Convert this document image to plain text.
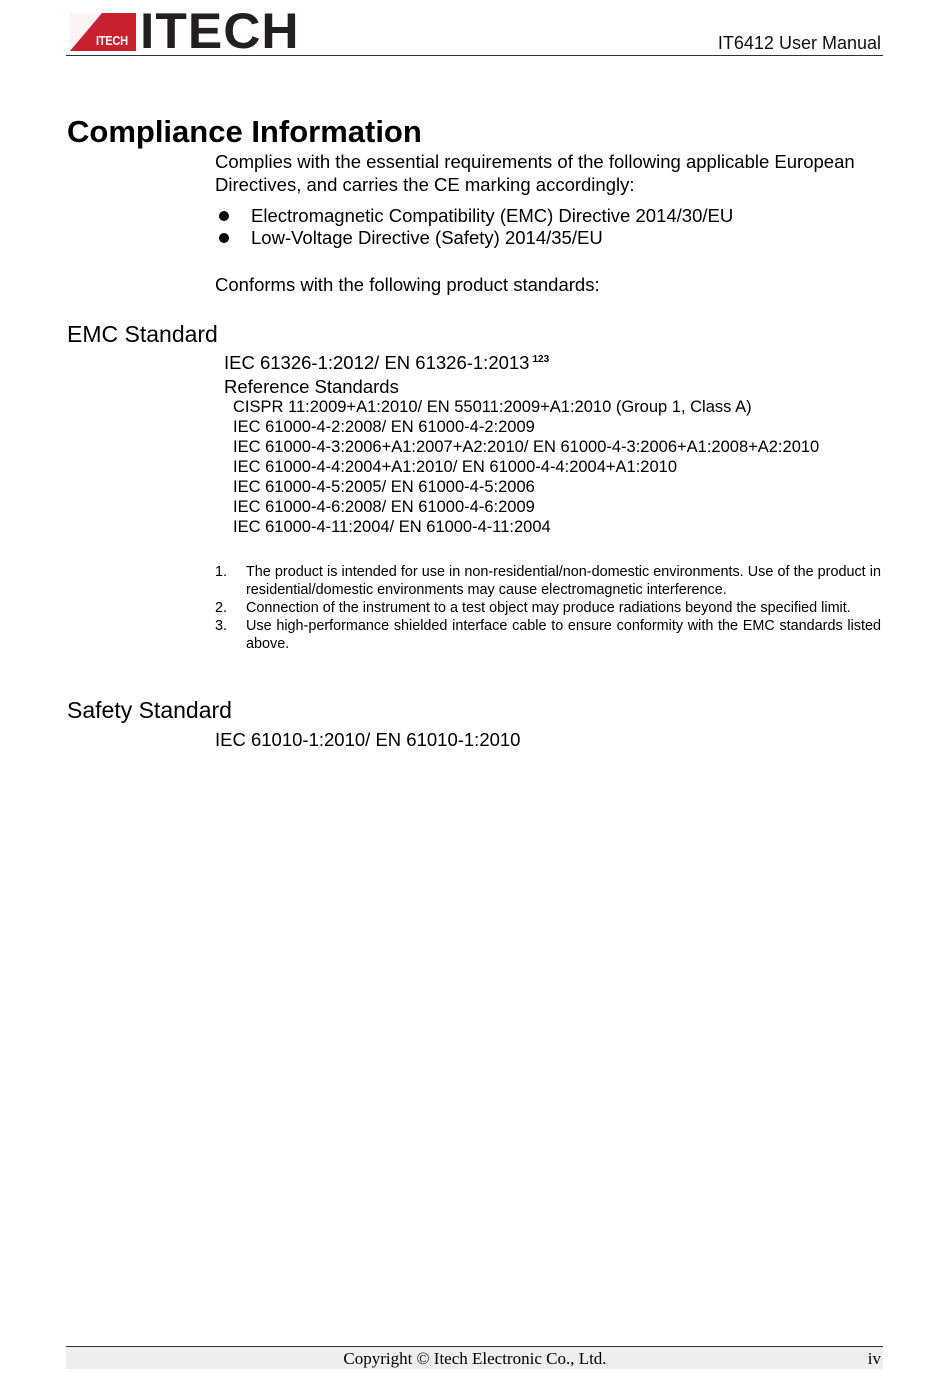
ITECH ITECH	IT6412 User Manual
Compliance Information
Complies with the essential requirements of the following applicable European Directives, and carries the CE marking accordingly:
Electromagnetic Compatibility (EMC) Directive 2014/30/EU
Low-Voltage Directive (Safety) 2014/35/EU
Conforms with the following product standards:
EMC Standard
IEC 61326-1:2012/ EN 61326-1:2013 $^{123}$
Reference Standards
CISPR 11:2009+A1:2010/ EN 55011:2009+A1:2010 (Group 1, Class A)
IEC 61000-4-2:2008/ EN 61000-4-2:2009
IEC 61000-4-3:2006+A1:2007+A2:2010/ EN 61000-4-3:2006+A1:2008+A2:2010
IEC 61000-4-4:2004+A1:2010/ EN 61000-4-4:2004+A1:2010
IEC 61000-4-5:2005/ EN 61000-4-5:2006
IEC 61000-4-6:2008/ EN 61000-4-6:2009
IEC 61000-4-11:2004/ EN 61000-4-11:2004
1. The product is intended for use in non-residential/non-domestic environments. Use of the product in residential/domestic environments may cause electromagnetic interference.
2. Connection of the instrument to a test object may produce radiations beyond the specified limit.
3. Use high-performance shielded interface cable to ensure conformity with the EMC standards listed above.
Safety Standard
IEC 61010-1:2010/ EN 61010-1:2010
Copyright © Itech Electronic Co., Ltd.	iv
